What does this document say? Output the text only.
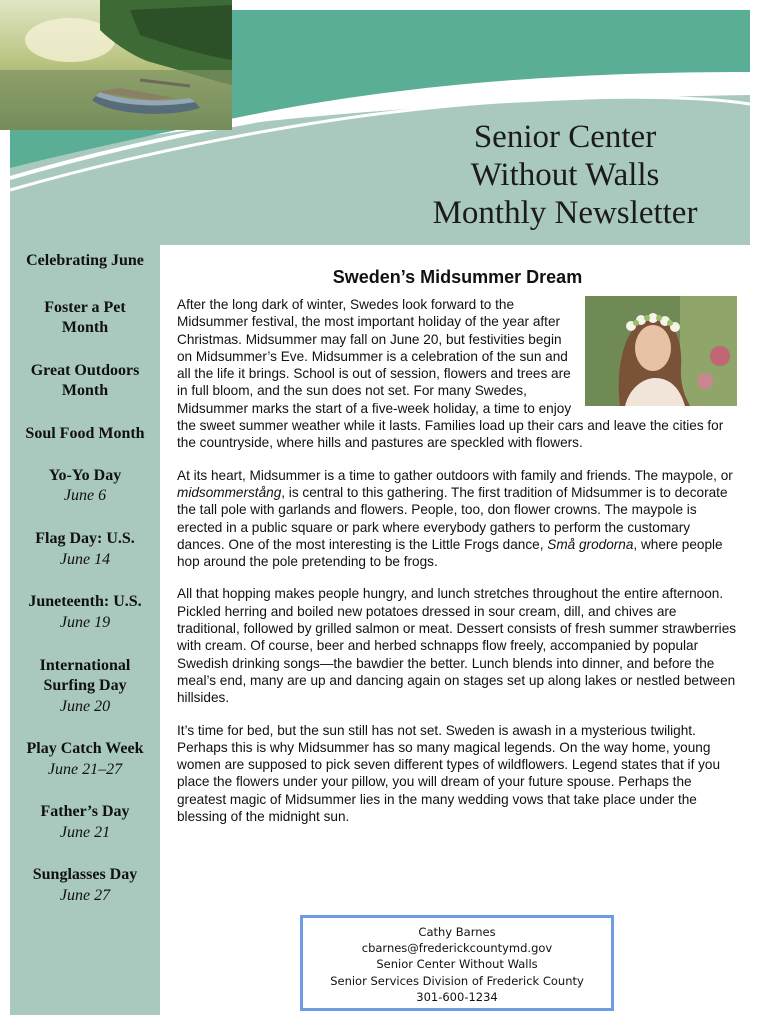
Senior Center
Without Walls
Monthly Newsletter
Celebrating June
Foster a Pet
Month
Great Outdoors
Month
Soul Food Month
Yo-Yo Day
June 6
Flag Day: U.S.
June 14
Juneteenth: U.S.
June 19
International
Surfing Day
June 20
Play Catch Week
June 21–27
Father’s Day
June 21
Sunglasses Day
June 27
Sweden’s Midsummer Dream

After the long dark of winter, Swedes look forward to the Midsummer festival, the most important holiday of the year after Christmas. Midsummer may fall on June 20, but festivities begin on Midsummer’s Eve. Midsummer is a celebration of the sun and all the life it brings. School is out of session, flowers and trees are in full bloom, and the sun does not set. For many Swedes, Midsummer marks the start of a five-week holiday, a time to enjoy the sweet summer weather while it lasts. Families load up their cars and leave the cities for the countryside, where hills and pastures are speckled with flowers.

At its heart, Midsummer is a time to gather outdoors with family and friends. The maypole, or midsommerstång, is central to this gathering. The first tradition of Midsummer is to decorate the tall pole with garlands and flowers. People, too, don flower crowns. The maypole is erected in a public square or park where everybody gathers to perform the customary dances. One of the most interesting is the Little Frogs dance, Små grodorna, where people hop around the pole pretending to be frogs.

All that hopping makes people hungry, and lunch stretches throughout the entire afternoon. Pickled herring and boiled new potatoes dressed in sour cream, dill, and chives are traditional, followed by grilled salmon or meat. Dessert consists of fresh summer strawberries with cream. Of course, beer and herbed schnapps flow freely, accompanied by popular Swedish drinking songs—the bawdier the better. Lunch blends into dinner, and before the meal’s end, many are up and dancing again on stages set up along lakes or nestled between hillsides.

It’s time for bed, but the sun still has not set. Sweden is awash in a mysterious twilight. Perhaps this is why Midsummer has so many magical legends. On the way home, young women are supposed to pick seven different types of wildflowers. Legend states that if you place the flowers under your pillow, you will dream of your future spouse. Perhaps the greatest magic of Midsummer lies in the many wedding vows that take place under the blessing of the midnight sun.

Cathy Barnes
cbarnes@frederickcountymd.gov
Senior Center Without Walls
Senior Services Division of Frederick County
301-600-1234
